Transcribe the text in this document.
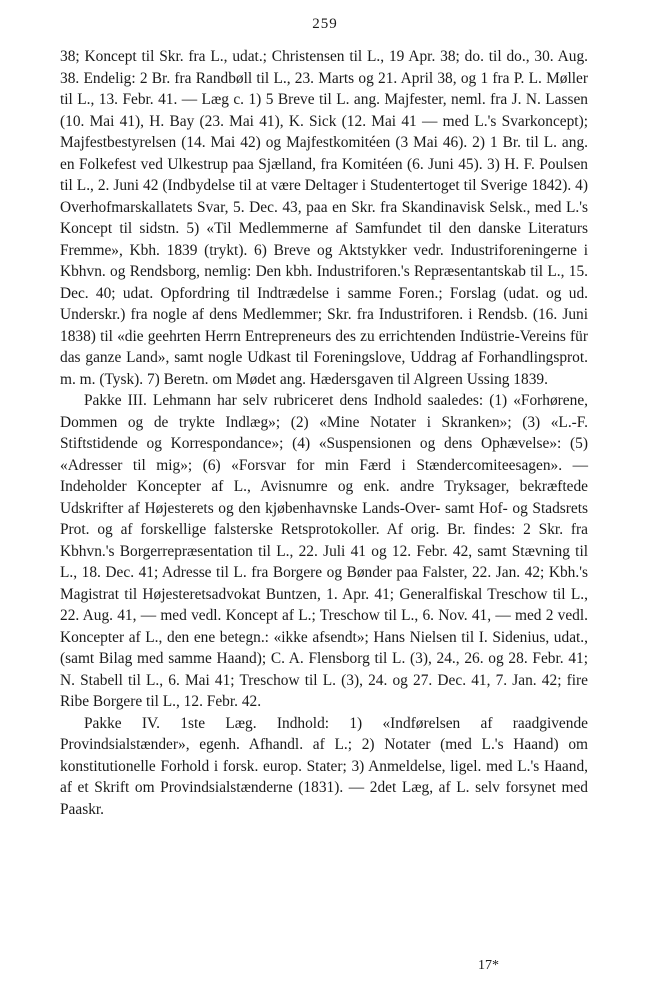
259

38; Koncept til Skr. fra L., udat.; Christensen til L., 19 Apr. 38; do. til do., 30. Aug. 38. Endelig: 2 Br. fra Randbøll til L., 23. Marts og 21. April 38, og 1 fra P. L. Møller til L., 13. Febr. 41. — Læg c. 1) 5 Breve til L. ang. Majfester, neml. fra J. N. Lassen (10. Mai 41), H. Bay (23. Mai 41), K. Sick (12. Mai 41 — med L.'s Svarkoncept); Majfestbestyrelsen (14. Mai 42) og Majfestkomitéen (3 Mai 46). 2) 1 Br. til L. ang. en Folkefest ved Ulkestrup paa Sjælland, fra Komitéen (6. Juni 45). 3) H. F. Poulsen til L., 2. Juni 42 (Indbydelse til at være Deltager i Studentertoget til Sverige 1842). 4) Overhofmarskallatets Svar, 5. Dec. 43, paa en Skr. fra Skandinavisk Selsk., med L.'s Koncept til sidstn. 5) «Til Medlemmerne af Samfundet til den danske Literaturs Fremme», Kbh. 1839 (trykt). 6) Breve og Aktstykker vedr. Industriforeningerne i Kbhvn. og Rendsborg, nemlig: Den kbh. Industriforen.'s Repræsentantskab til L., 15. Dec. 40; udat. Opfordring til Indtrædelse i samme Foren.; Forslag (udat. og ud. Underskr.) fra nogle af dens Medlemmer; Skr. fra Industriforen. i Rendsb. (16. Juni 1838) til «die geehrten Herrn Entrepreneurs des zu errichtenden Indüstrie-Vereins für das ganze Land», samt nogle Udkast til Foreningslove, Uddrag af Forhandlingsprot. m. m. (Tysk). 7) Beretn. om Mødet ang. Hædersgaven til Algreen Ussing 1839.

Pakke III. Lehmann har selv rubriceret dens Indhold saaledes: (1) «Forhørene, Dommen og de trykte Indlæg»; (2) «Mine Notater i Skranken»; (3) «L.-F. Stiftstidende og Korrespondance»; (4) «Suspensionen og dens Ophævelse»: (5) «Adresser til mig»; (6) «Forsvar for min Færd i Stændercomiteesagen». — Indeholder Koncepter af L., Avisnumre og enk. andre Tryksager, bekræftede Udskrifter af Højesterets og den kjøbenhavnske Lands-Over- samt Hof- og Stadsrets Prot. og af forskellige falsterske Retsprotokoller. Af orig. Br. findes: 2 Skr. fra Kbhvn.'s Borgerrepræsentation til L., 22. Juli 41 og 12. Febr. 42, samt Stævning til L., 18. Dec. 41; Adresse til L. fra Borgere og Bønder paa Falster, 22. Jan. 42; Kbh.'s Magistrat til Højesteretsadvokat Buntzen, 1. Apr. 41; Generalfiskal Treschow til L., 22. Aug. 41, — med vedl. Koncept af L.; Treschow til L., 6. Nov. 41, — med 2 vedl. Koncepter af L., den ene betegn.: «ikke afsendt»; Hans Nielsen til I. Sidenius, udat., (samt Bilag med samme Haand); C. A. Flensborg til L. (3), 24., 26. og 28. Febr. 41; N. Stabell til L., 6. Mai 41; Treschow til L. (3), 24. og 27. Dec. 41, 7. Jan. 42; fire Ribe Borgere til L., 12. Febr. 42.

Pakke IV. 1ste Læg. Indhold: 1) «Indførelsen af raadgivende Provindsialstænder», egenh. Afhandl. af L.; 2) Notater (med L.'s Haand) om konstitutionelle Forhold i forsk. europ. Stater; 3) Anmeldelse, ligel. med L.'s Haand, af et Skrift om Provindsialstænderne (1831). — 2det Læg, af L. selv forsynet med Paaskr.

17*
